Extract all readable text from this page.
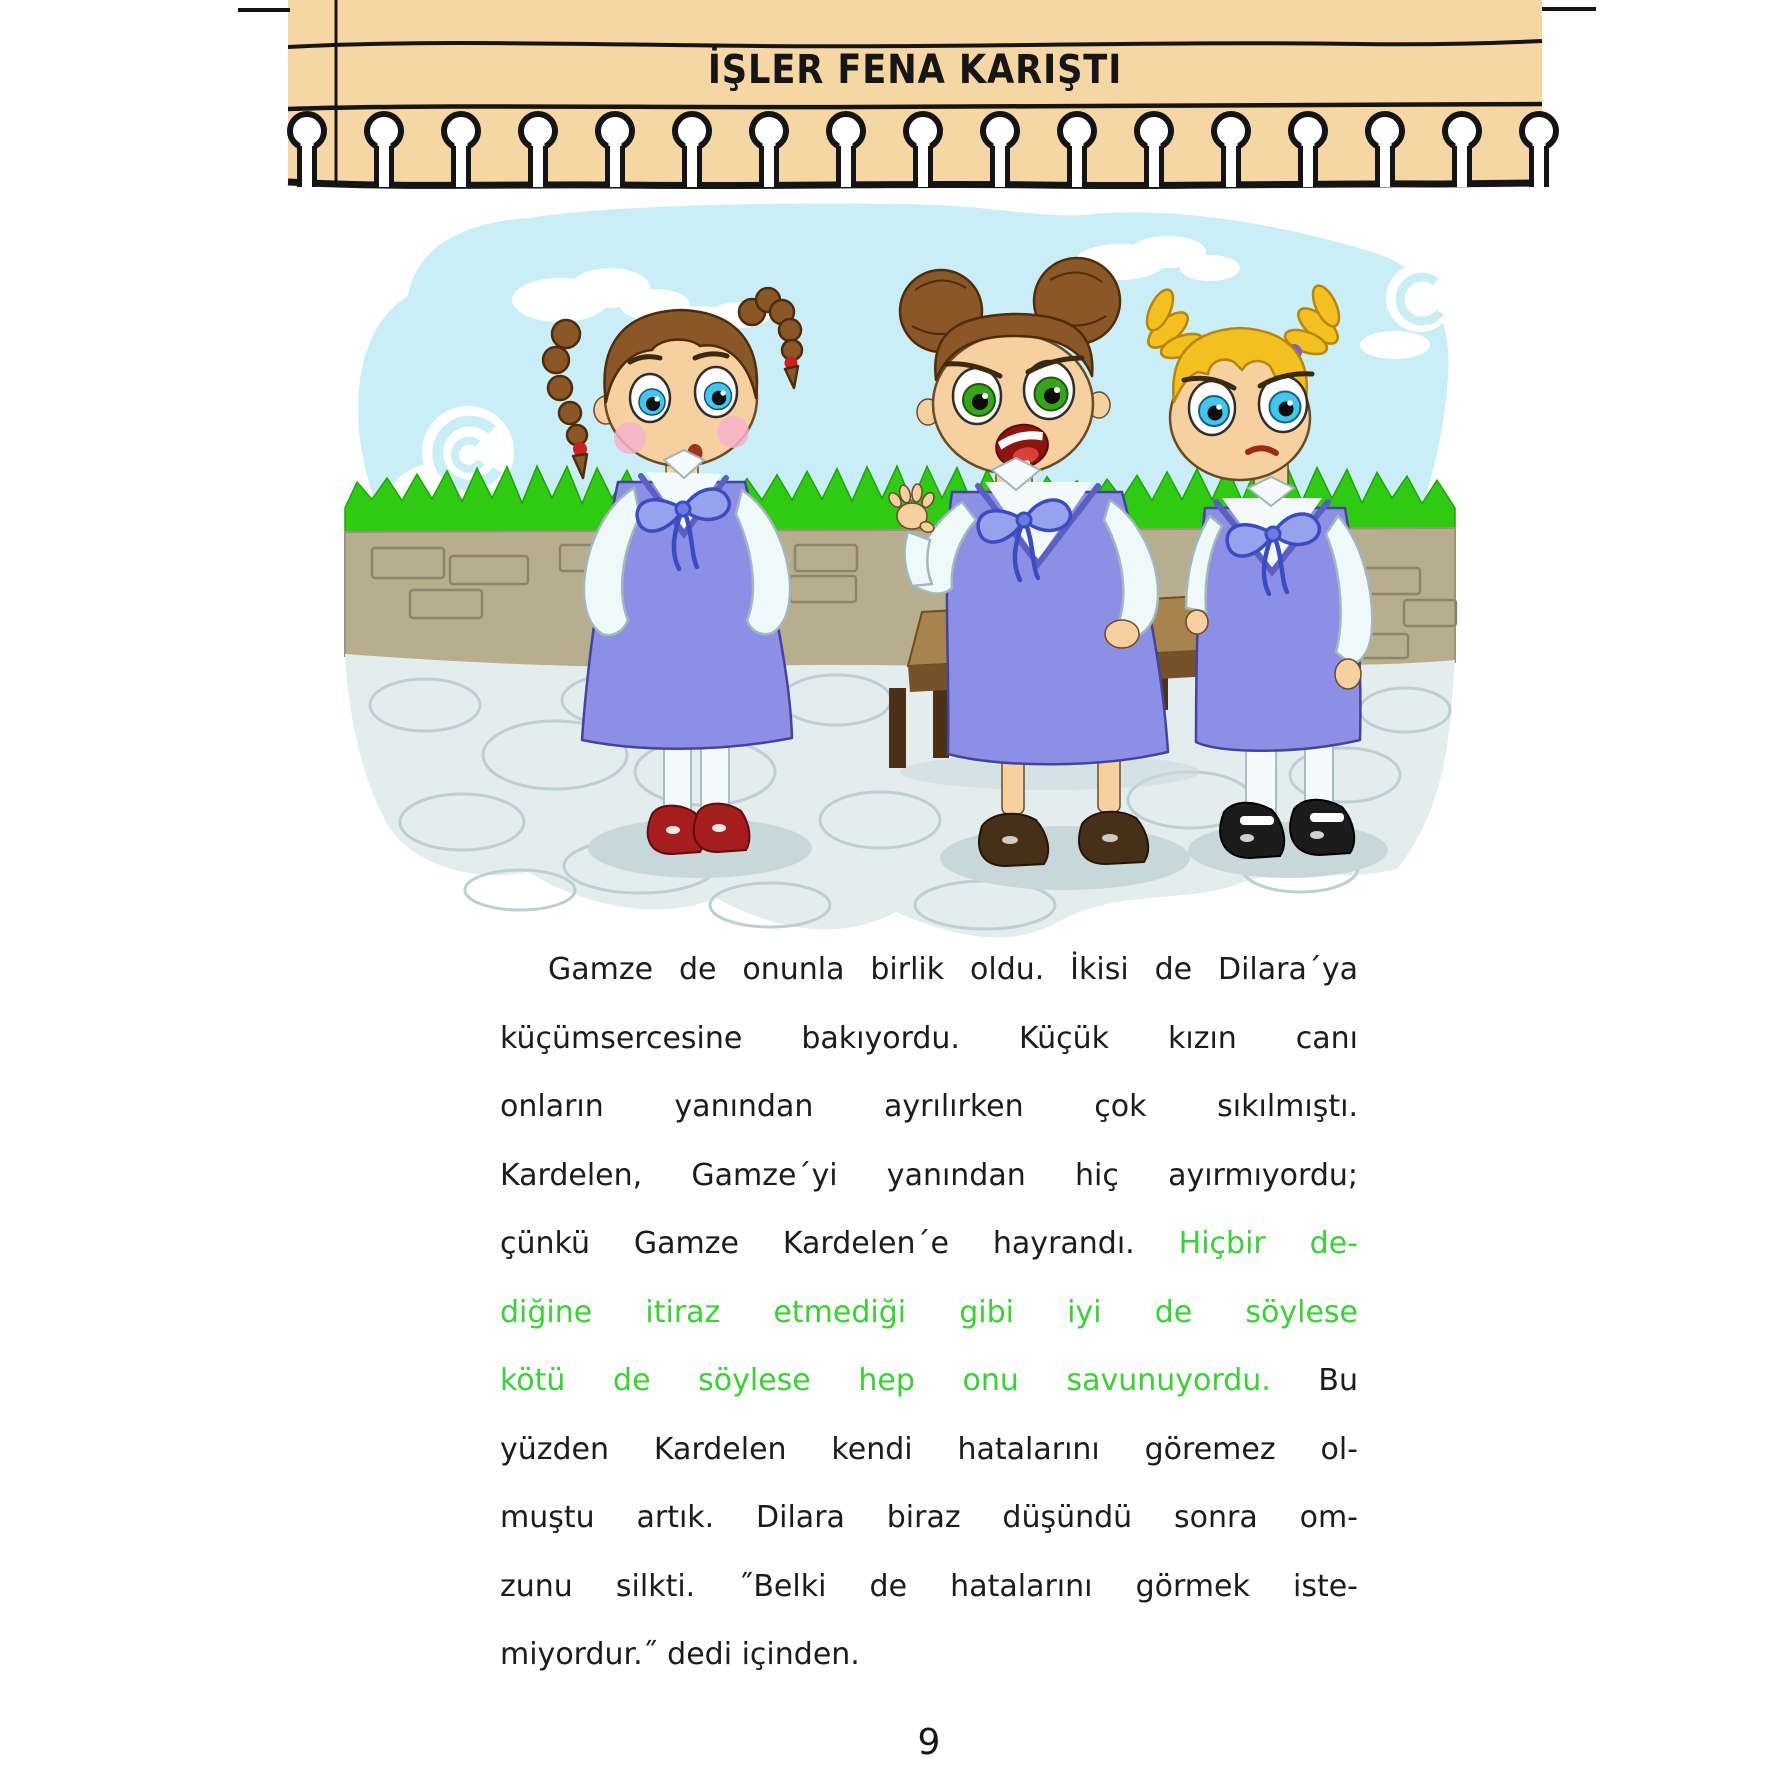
İŞLER FENA KARIŞTI
Gamze de onunla birlik oldu. İkisi de Dilara´ya
küçümsercesine bakıyordu. Küçük kızın canı
onların yanından ayrılırken çok sıkılmıştı.
Kardelen, Gamze´yi yanından hiç ayırmıyordu;
çünkü Gamze Kardelen´e hayrandı. Hiçbir de-
diğine itiraz etmediği gibi iyi de söylese
kötü de söylese hep onu savunuyordu. Bu
yüzden Kardelen kendi hatalarını göremez ol-
muştu artık. Dilara biraz düşündü sonra om-
zunu silkti. ˝Belki de hatalarını görmek iste-
miyordur.˝ dedi içinden.
9
